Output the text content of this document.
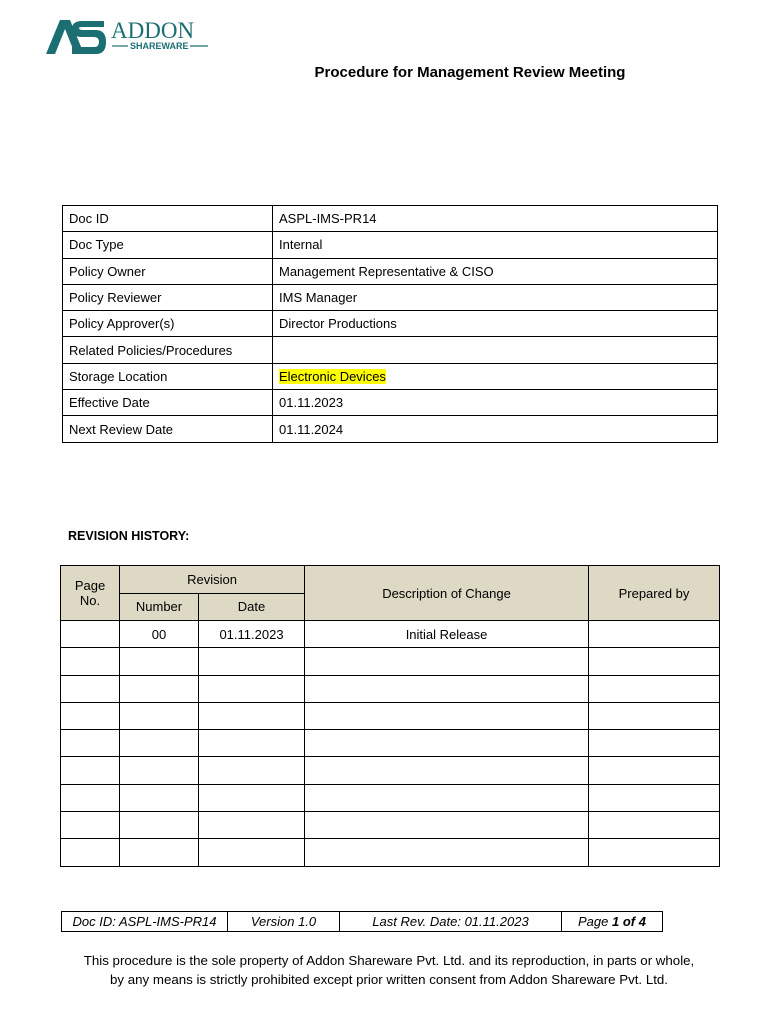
ADDON
SHAREWARE
Procedure for Management Review Meeting
Doc ID	ASPL-IMS-PR14
Doc Type	Internal
Policy Owner	Management Representative & CISO
Policy Reviewer	IMS Manager
Policy Approver(s)	Director Productions
Related Policies/Procedures	
Storage Location	Electronic Devices
Effective Date	01.11.2023
Next Review Date	01.11.2024
REVISION HISTORY:
Page
No.	Revision		Description of Change	Prepared by
	Number	Date		
	00	01.11.2023	Initial Release	

Doc ID: ASPL-IMS-PR14	Version 1.0	Last Rev. Date: 01.11.2023	Page 1 of 4
This procedure is the sole property of Addon Shareware Pvt. Ltd. and its reproduction, in parts or whole,
by any means is strictly prohibited except prior written consent from Addon Shareware Pvt. Ltd.
